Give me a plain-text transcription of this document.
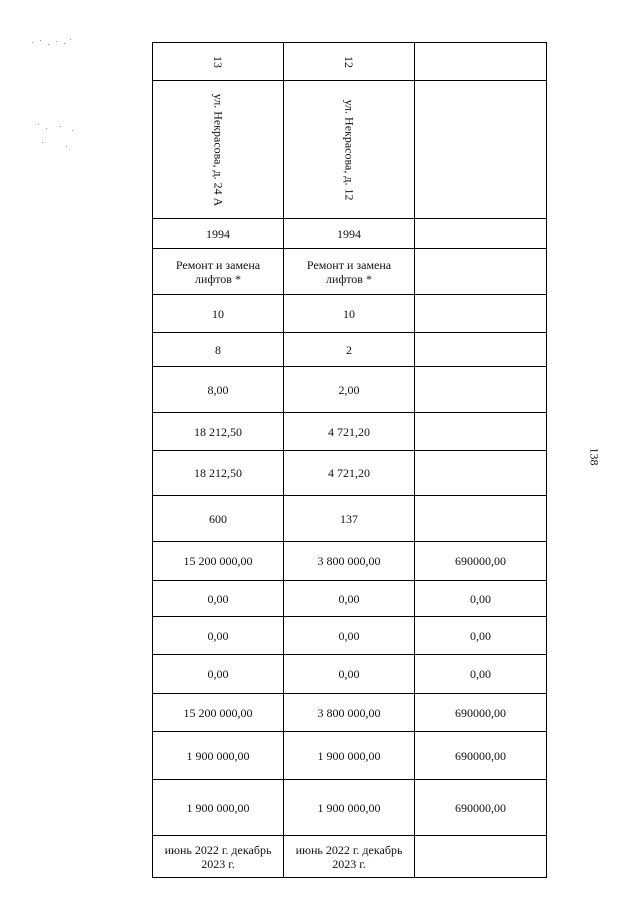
13	12	

ул. Некрасова, д. 24 А	ул. Некрасова, д. 12	

1994	1994	
Ремонт и замена лифтов *	Ремонт и замена лифтов *	
10	10	
8	2	
8,00	2,00	
18 212,50	4 721,20	
18 212,50	4 721,20	
600	137	
15 200 000,00	3 800 000,00	690000,00
0,00	0,00	0,00
0,00	0,00	0,00
0,00	0,00	0,00
15 200 000,00	3 800 000,00	690000,00
1 900 000,00	1 900 000,00	690000,00
1 900 000,00	1 900 000,00	690000,00
июнь 2022 г. декабрь 2023 г.	июнь 2022 г. декабрь 2023 г.	
138
